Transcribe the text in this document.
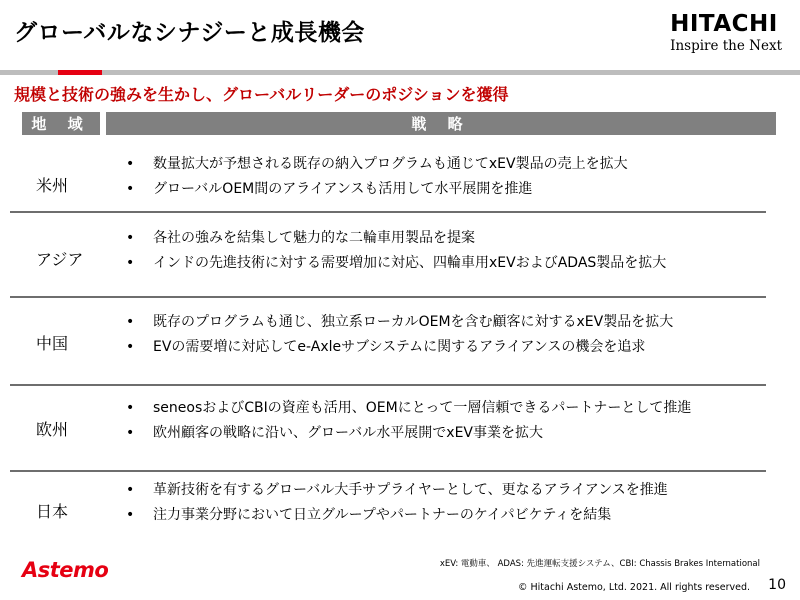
グローバルなシナジーと成長機会	HITACHI
Inspire the Next
規模と技術の強みを生かし、グローバルリーダーのポジションを獲得
地 域	戦 略
米州
• 数量拡大が予想される既存の納入プログラムも通じてxEV製品の売上を拡大
• グローバルOEM間のアライアンスも活用して水平展開を推進
アジア
• 各社の強みを結集して魅力的な二輪車用製品を提案
• インドの先進技術に対する需要増加に対応、四輪車用xEVおよびADAS製品を拡大
中国
• 既存のプログラムも通じ、独立系ローカルOEMを含む顧客に対するxEV製品を拡大
• EVの需要増に対応してe-Axleサブシステムに関するアライアンスの機会を追求
欧州
• seneosおよびCBIの資産も活用、OEMにとって一層信頼できるパートナーとして推進
• 欧州顧客の戦略に沿い、グローバル水平展開でxEV事業を拡大
日本
• 革新技術を有するグローバル大手サプライヤーとして、更なるアライアンスを推進
• 注力事業分野において日立グループやパートナーのケイパビケティを結集
xEV: 電動車、 ADAS: 先進運転支援システム、CBI: Chassis Brakes International
Astemo
© Hitachi Astemo, Ltd. 2021. All rights reserved. 10
